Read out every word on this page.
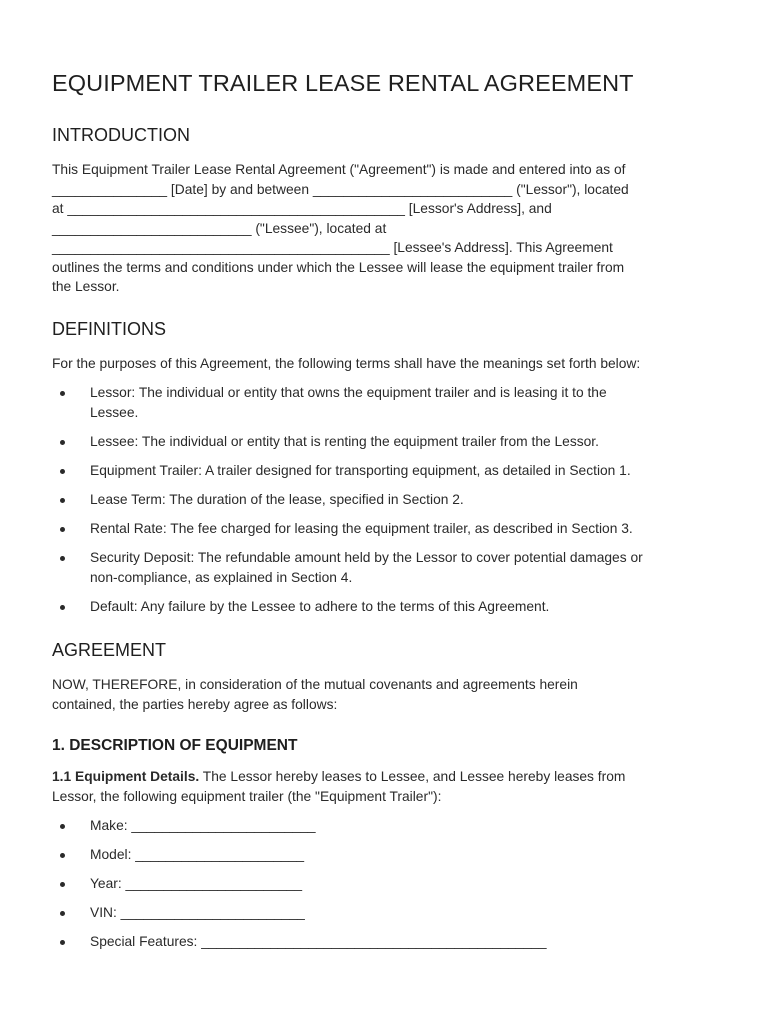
EQUIPMENT TRAILER LEASE RENTAL AGREEMENT
INTRODUCTION

This Equipment Trailer Lease Rental Agreement ("Agreement") is made and entered into as of
_______________ [Date] by and between __________________________ ("Lessor"), located
at ____________________________________________ [Lessor's Address], and
__________________________ ("Lessee"), located at
____________________________________________ [Lessee's Address]. This Agreement
outlines the terms and conditions under which the Lessee will lease the equipment trailer from
the Lessor.

DEFINITIONS

For the purposes of this Agreement, the following terms shall have the meanings set forth below:

Lessor: The individual or entity that owns the equipment trailer and is leasing it to the
Lessee.
Lessee: The individual or entity that is renting the equipment trailer from the Lessor.
Equipment Trailer: A trailer designed for transporting equipment, as detailed in Section 1.
Lease Term: The duration of the lease, specified in Section 2.
Rental Rate: The fee charged for leasing the equipment trailer, as described in Section 3.
Security Deposit: The refundable amount held by the Lessor to cover potential damages or
non-compliance, as explained in Section 4.
Default: Any failure by the Lessee to adhere to the terms of this Agreement.
AGREEMENT

NOW, THEREFORE, in consideration of the mutual covenants and agreements herein
contained, the parties hereby agree as follows:

1. DESCRIPTION OF EQUIPMENT

1.1 Equipment Details. The Lessor hereby leases to Lessee, and Lessee hereby leases from
Lessor, the following equipment trailer (the "Equipment Trailer"):

Make: ________________________
Model: ______________________
Year: _______________________
VIN: ________________________
Special Features: _____________________________________________
